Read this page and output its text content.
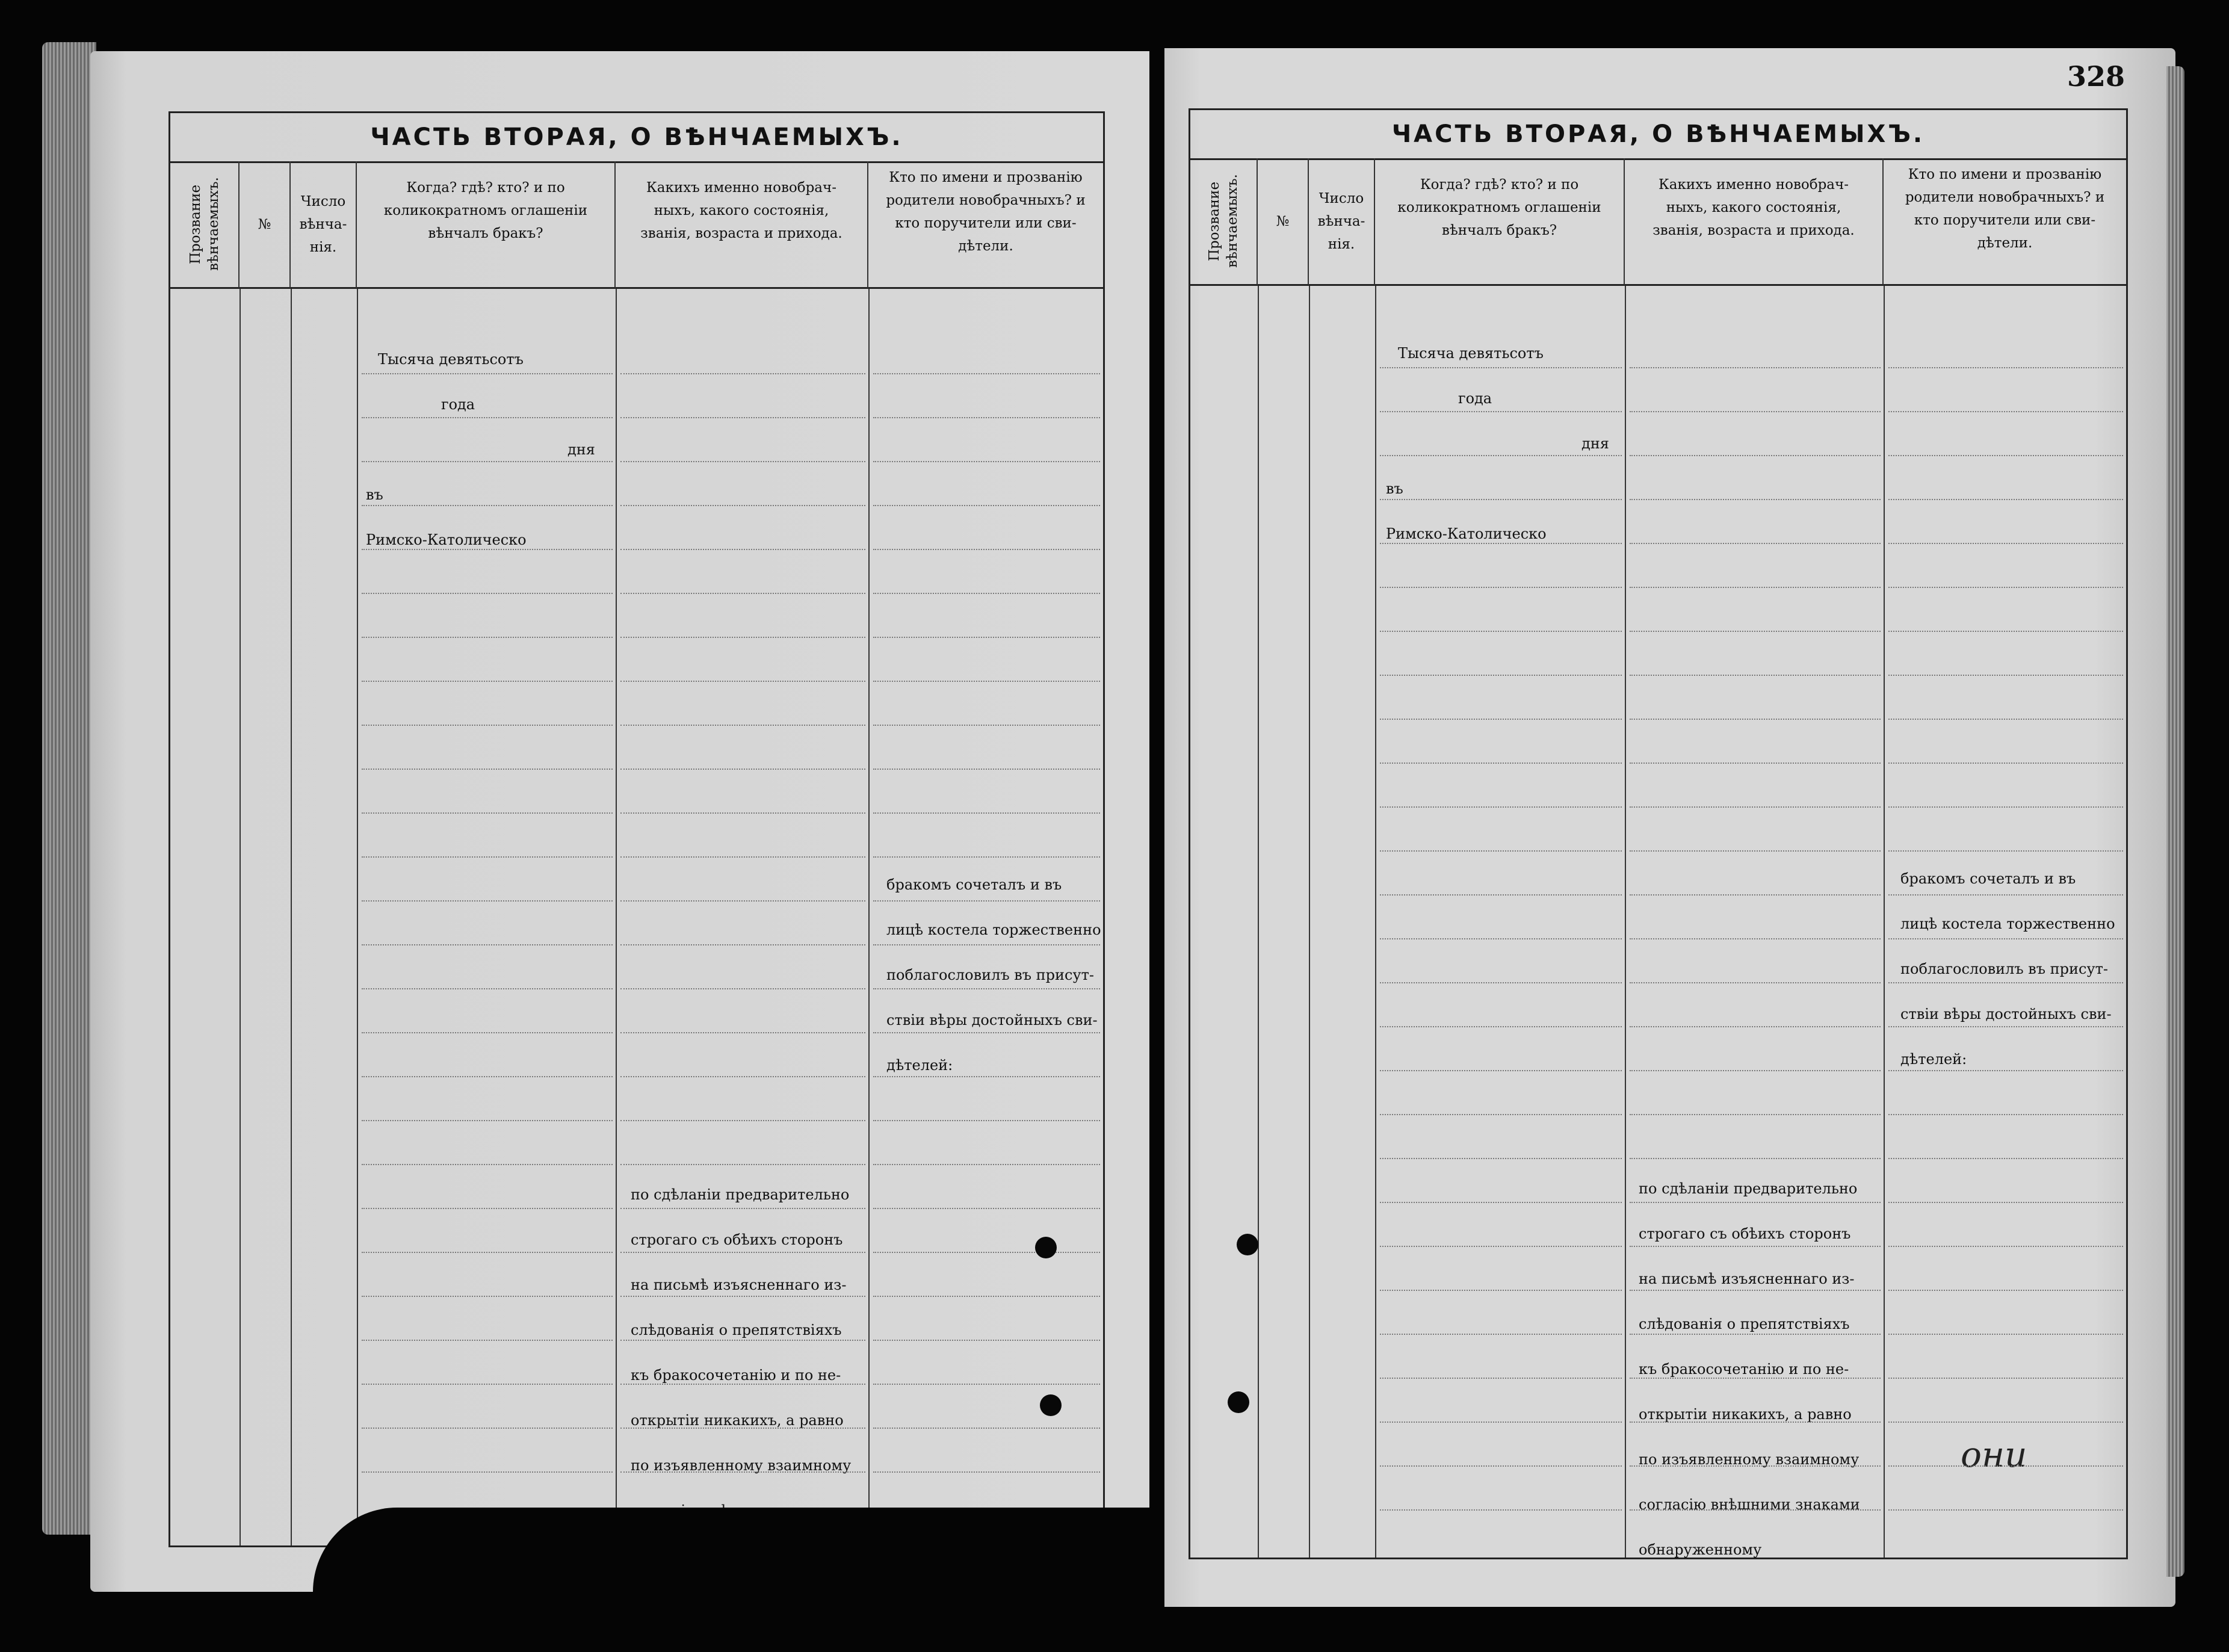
ЧАСТЬ ВТОРАЯ, О ВѢНЧАЕМЫХЪ.
Прозвание вѣнчаемыхъ.	№
Число вѣнча-нія.
Когда? гдѣ? кто? и по
коликократномъ оглашеніи
вѣнчалъ бракъ?
Какихъ именно новобрач-
ныхъ, какого состоянія,
званія, возраста и прихода.
Кто по имени и прозванію
родители новобрачныхъ? и
кто поручители или сви-
дѣтели.
Тысяча девятьсотъ
года
дня
въ
Римско-Католическо
бракомъ сочеталъ и въ
лицѣ костела торжественно
поблагословилъ въ присут-
ствіи вѣры достойныхъ сви-
дѣтелей:
по сдѣланіи предварительно
строгаго съ обѣихъ сторонъ
на письмѣ изъясненнаго из-
слѣдованія о препятствіяхъ
къ бракосочетанію и по не-
открытіи никакихъ, а равно
по изъявленному взаимному
328
ЧАСТЬ ВТОРАЯ, О ВѢНЧАЕМЫХЪ.
Прозвание вѣнчаемыхъ.	№
Число вѣнча-нія.
Когда? гдѣ? кто? и по
коликократномъ оглашеніи
вѣнчалъ бракъ?
Какихъ именно новобрач-
ныхъ, какого состоянія,
званія, возраста и прихода.
Кто по имени и прозванію
родители новобрачныхъ? и
кто поручители или сви-
дѣтели.
Тысяча девятьсотъ
года
дня
въ
Римско-Католическо
бракомъ сочеталъ и въ
лицѣ костела торжественно
поблагословилъ въ присут-
ствіи вѣры достойныхъ сви-
дѣтелей:
по сдѣланіи предварительно
строгаго съ обѣихъ сторонъ
на письмѣ изъясненнаго из-
слѣдованія о препятствіяхъ
къ бракосочетанію и по не-
открытіи никакихъ, а равно
по изъявленному взаимному
согласію внѣшними знаками
обнаруженному
они
